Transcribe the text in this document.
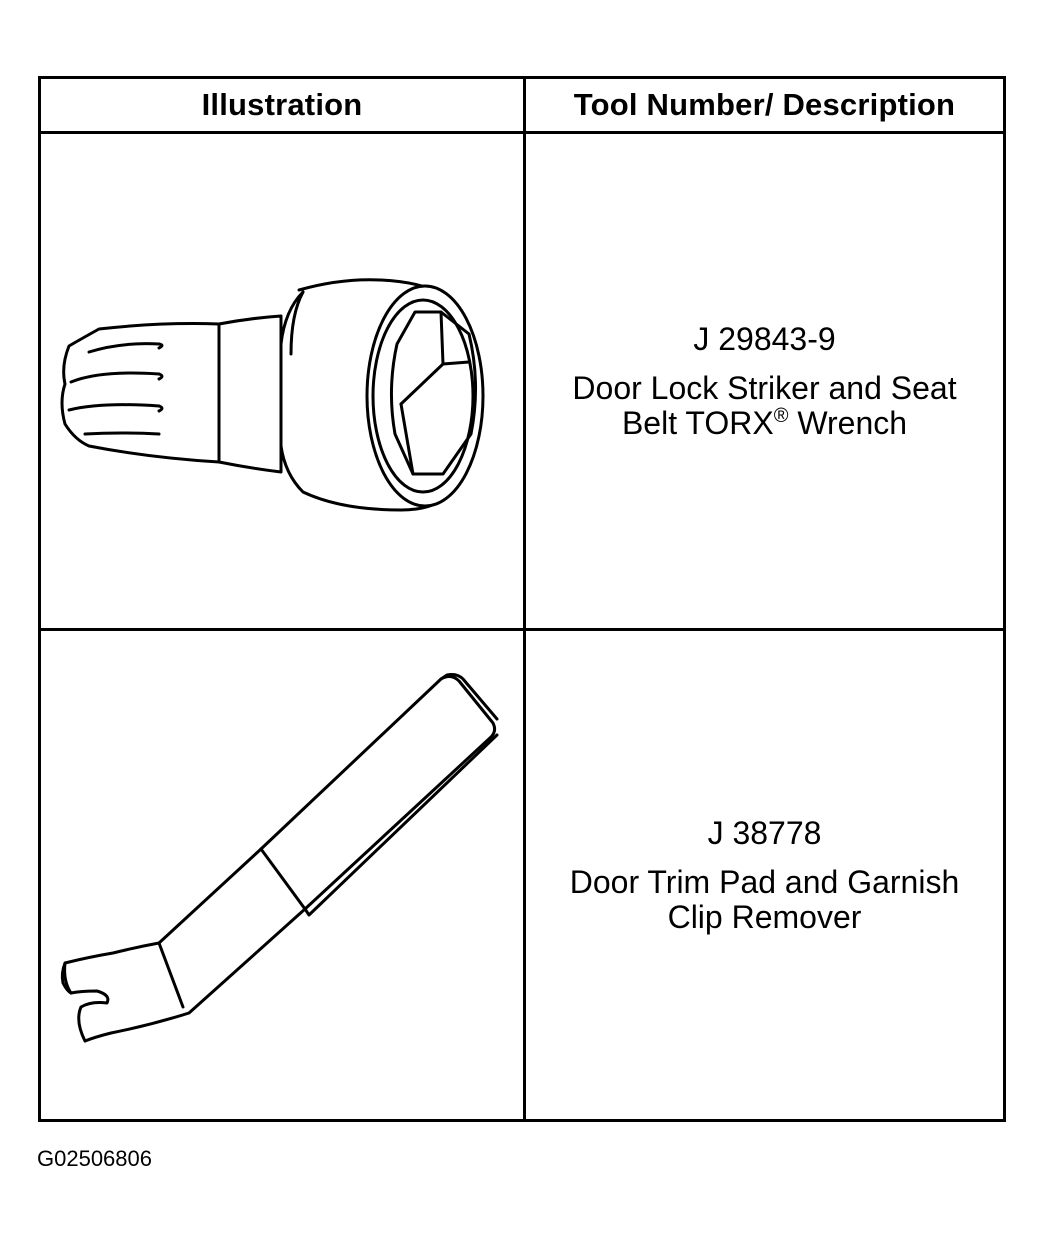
Illustration	Tool Number/ Description
J 29843-9
Door Lock Striker and Seat
Belt TORX® Wrench
J 38778
Door Trim Pad and Garnish
Clip Remover
G02506806
